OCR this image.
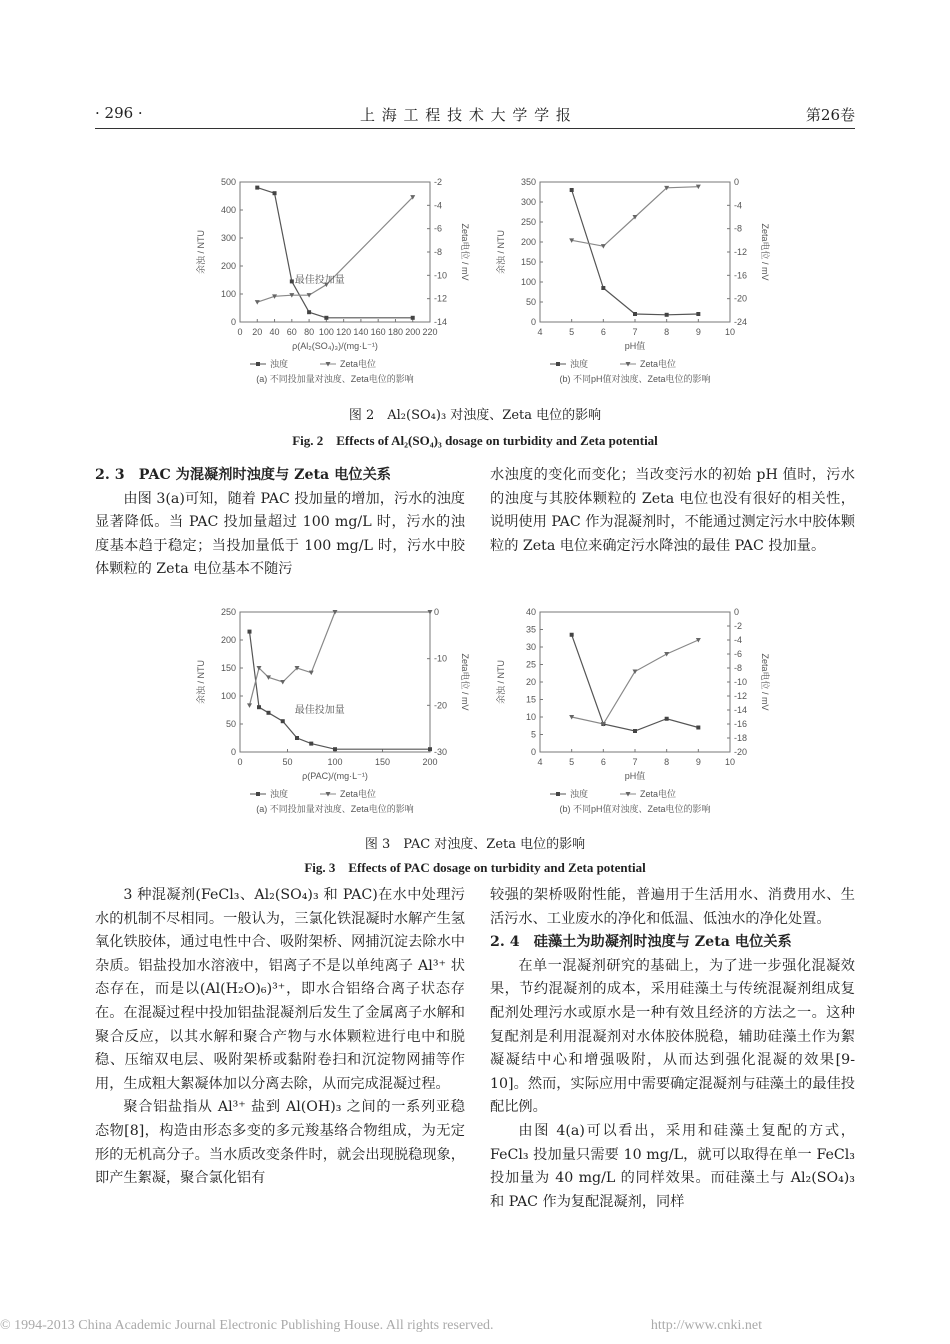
· 296 ·	上 海 工 程 技 术 大 学 学 报	第26卷
0 20 40 60 80 100 120 140 160 180 200 220
0
100
200
300
400
500	-2
-4
-6
-8
-10
-12
-14
ρ(Al₂(SO₄)₃)/(mg·L⁻¹)
余浊 / NTU	Zeta电位 / mV
最佳投加量
浊度	Zeta电位
(a) 不同投加量对浊度、Zeta电位的影响
4	5	6	7	8	9	10
0
50
100
150
200
250
300
350	0
-4
-8
-12
-16
-20
-24
pH值
余浊 / NTU	Zeta电位 / mV
浊度	Zeta电位
(b) 不同pH值对浊度、Zeta电位的影响
图 2　Al₂(SO₄)₃ 对浊度、Zeta 电位的影响
Fig. 2　Effects of Al₂(SO₄)₃ dosage on turbidity and Zeta potential

2. 3　PAC 为混凝剂时浊度与 Zeta 电位关系

由图 3(a)可知，随着 PAC 投加量的增加，污水的浊度显著降低。当 PAC 投加量超过 100 mg/L 时，污水的浊度基本趋于稳定；当投加量低于 100 mg/L 时，污水中胶体颗粒的 Zeta 电位基本不随污

水浊度的变化而变化；当改变污水的初始 pH 值时，污水的浊度与其胶体颗粒的 Zeta 电位也没有很好的相关性，说明使用 PAC 作为混凝剂时，不能通过测定污水中胶体颗粒的 Zeta 电位来确定污水降浊的最佳 PAC 投加量。

0	50	100	150	200
0
50
100
150
200
250	0
-10
-20
-30
ρ(PAC)/(mg·L⁻¹)
余浊 / NTU	Zeta电位 / mV
最佳投加量
浊度	Zeta电位
(a) 不同投加量对浊度、Zeta电位的影响
4	5	6	7	8	9	10
0
5
10
15
20
25
30
35
40	0
-2
-4
-6
-8
-10
-12
-14
-16
-18
-20
pH值
余浊 / NTU	Zeta电位 / mV
浊度	Zeta电位
(b) 不同pH值对浊度、Zeta电位的影响
图 3　PAC 对浊度、Zeta 电位的影响
Fig. 3　Effects of PAC dosage on turbidity and Zeta potential

3 种混凝剂(FeCl₃、Al₂(SO₄)₃ 和 PAC)在水中处理污水的机制不尽相同。一般认为，三氯化铁混凝时水解产生氢氧化铁胶体，通过电性中合、吸附架桥、网捕沉淀去除水中杂质。铝盐投加水溶液中，铝离子不是以单纯离子 Al³⁺ 状态存在，而是以(Al(H₂O)₆)³⁺，即水合铝络合离子状态存在。在混凝过程中投加铝盐混凝剂后发生了金属离子水解和聚合反应，以其水解和聚合产物与水体颗粒进行电中和脱稳、压缩双电层、吸附架桥或黏附卷扫和沉淀物网捕等作用，生成粗大絮凝体加以分离去除，从而完成混凝过程。

聚合铝盐指从 Al³⁺ 盐到 Al(OH)₃ 之间的一系列亚稳态物[8]，构造由形态多变的多元羧基络合物组成，为无定形的无机高分子。当水质改变条件时，就会出现脱稳现象，即产生絮凝，聚合氯化铝有

较强的架桥吸附性能，普遍用于生活用水、消费用水、生活污水、工业废水的净化和低温、低浊水的净化处置。

2. 4　硅藻土为助凝剂时浊度与 Zeta 电位关系

在单一混凝剂研究的基础上，为了进一步强化混凝效果，节约混凝剂的成本，采用硅藻土与传统混凝剂组成复配剂处理污水或原水是一种有效且经济的方法之一。这种复配剂是利用混凝剂对水体胶体脱稳，辅助硅藻土作为絮凝凝结中心和增强吸附，从而达到强化混凝的效果[9-10]。然而，实际应用中需要确定混凝剂与硅藻土的最佳投配比例。

由图 4(a)可以看出，采用和硅藻土复配的方式，FeCl₃ 投加量只需要 10 mg/L，就可以取得在单一 FeCl₃ 投加量为 40 mg/L 的同样效果。而硅藻土与 Al₂(SO₄)₃ 和 PAC 作为复配混凝剂，同样

© 1994-2013 China Academic Journal Electronic Publishing House. All rights reserved.	http://www.cnki.net
